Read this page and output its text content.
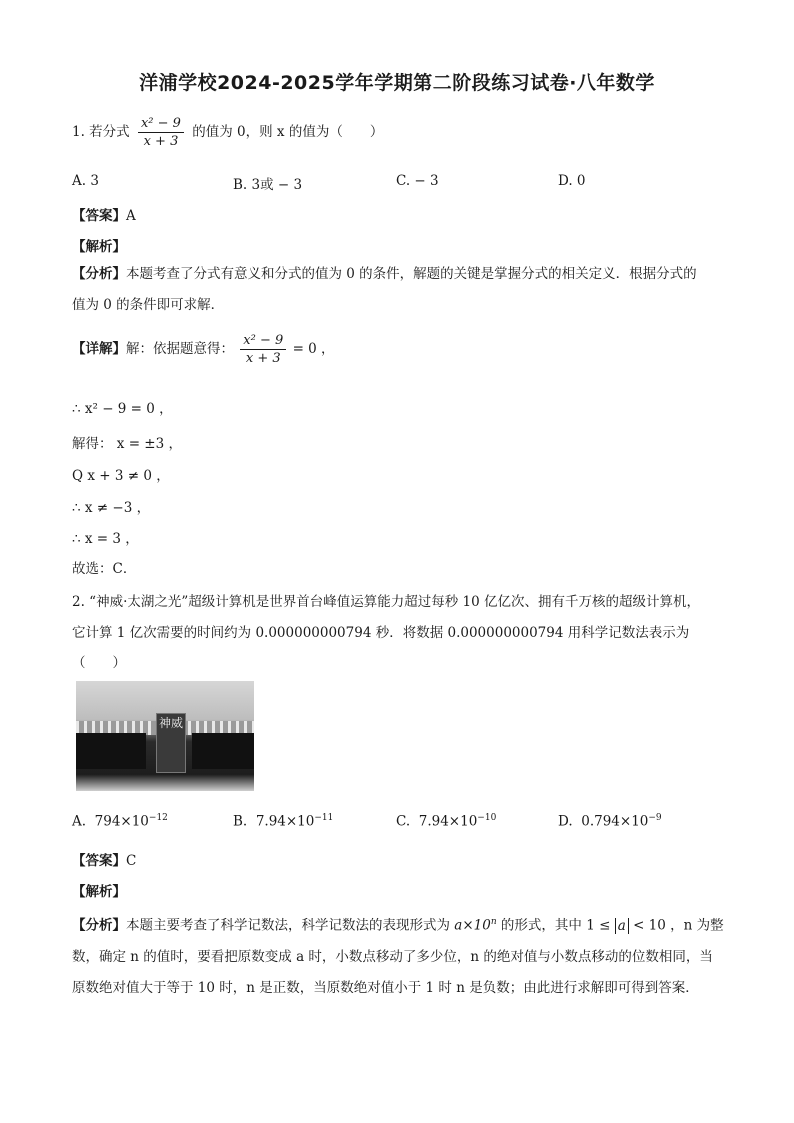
洋浦学校2024-2025学年学期第二阶段练习试卷·八年数学
1. 若分式 $\frac{\text{x² − 9}}{x + 3}$ 的值为 0，则 x 的值为（　　）
A. 3	B. 3或 − 3	C. − 3	D. 0
【答案】A
【解析】
【分析】本题考查了分式有意义和分式的值为 0 的条件，解题的关键是掌握分式的相关定义．根据分式的
值为 0 的条件即可求解．
【详解】解：依据题意得： $\frac{\text{x² − 9}}{x + 3} = 0$ ，
∴ x² − 9 = 0 ，
解得： x = ±3 ，
Q x + 3 ≠ 0 ，
∴ x ≠ −3 ，
∴ x = 3 ，
故选：C．
2. “神威·太湖之光”超级计算机是世界首台峰值运算能力超过每秒 10 亿亿次、拥有千万核的超级计算机，
它计算 1 亿次需要的时间约为 0.000000000794 秒．将数据 0.000000000794 用科学记数法表示为
（　　）
神威
A. $794\times 10^{-12}$	B. $7.94\times 10^{-11}$	C. $7.94\times 10^{-10}$	D. $0.794\times 10^{-9}$
【答案】C
【解析】
【分析】本题主要考查了科学记数法，科学记数法的表现形式为 $a\times 10^n$ 的形式，其中 1 ≤ a < 10 ，n 为整
数，确定 n 的值时，要看把原数变成 a 时，小数点移动了多少位，n 的绝对值与小数点移动的位数相同，当
原数绝对值大于等于 10 时，n 是正数，当原数绝对值小于 1 时 n 是负数；由此进行求解即可得到答案．
